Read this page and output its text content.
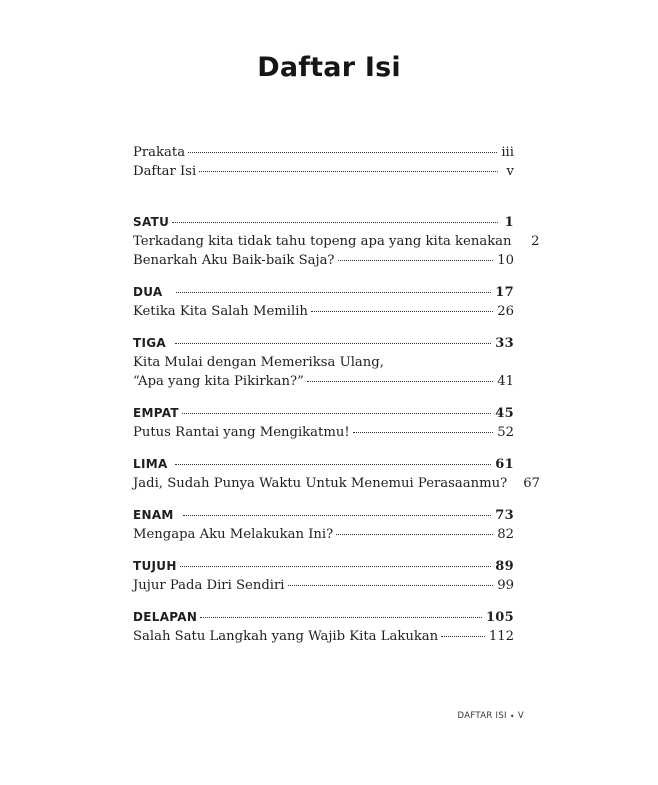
Daftar Isi
Prakata	iii
Daftar Isi	v
SATU	1
Terkadang kita tidak tahu topeng apa yang kita kenakan 2
Benarkah Aku Baik-baik Saja?	10
DUA	17
Ketika Kita Salah Memilih	26
TIGA	33
Kita Mulai dengan Memeriksa Ulang,
“Apa yang kita Pikirkan?”	41
EMPAT	45
Putus Rantai yang Mengikatmu!	52
LIMA	61
Jadi, Sudah Punya Waktu Untuk Menemui Perasaanmu? 67
ENAM	73
Mengapa Aku Melakukan Ini?	82
TUJUH	89
Jujur Pada Diri Sendiri	99
DELAPAN	105
Salah Satu Langkah yang Wajib Kita Lakukan	112
DAFTAR ISI • V
